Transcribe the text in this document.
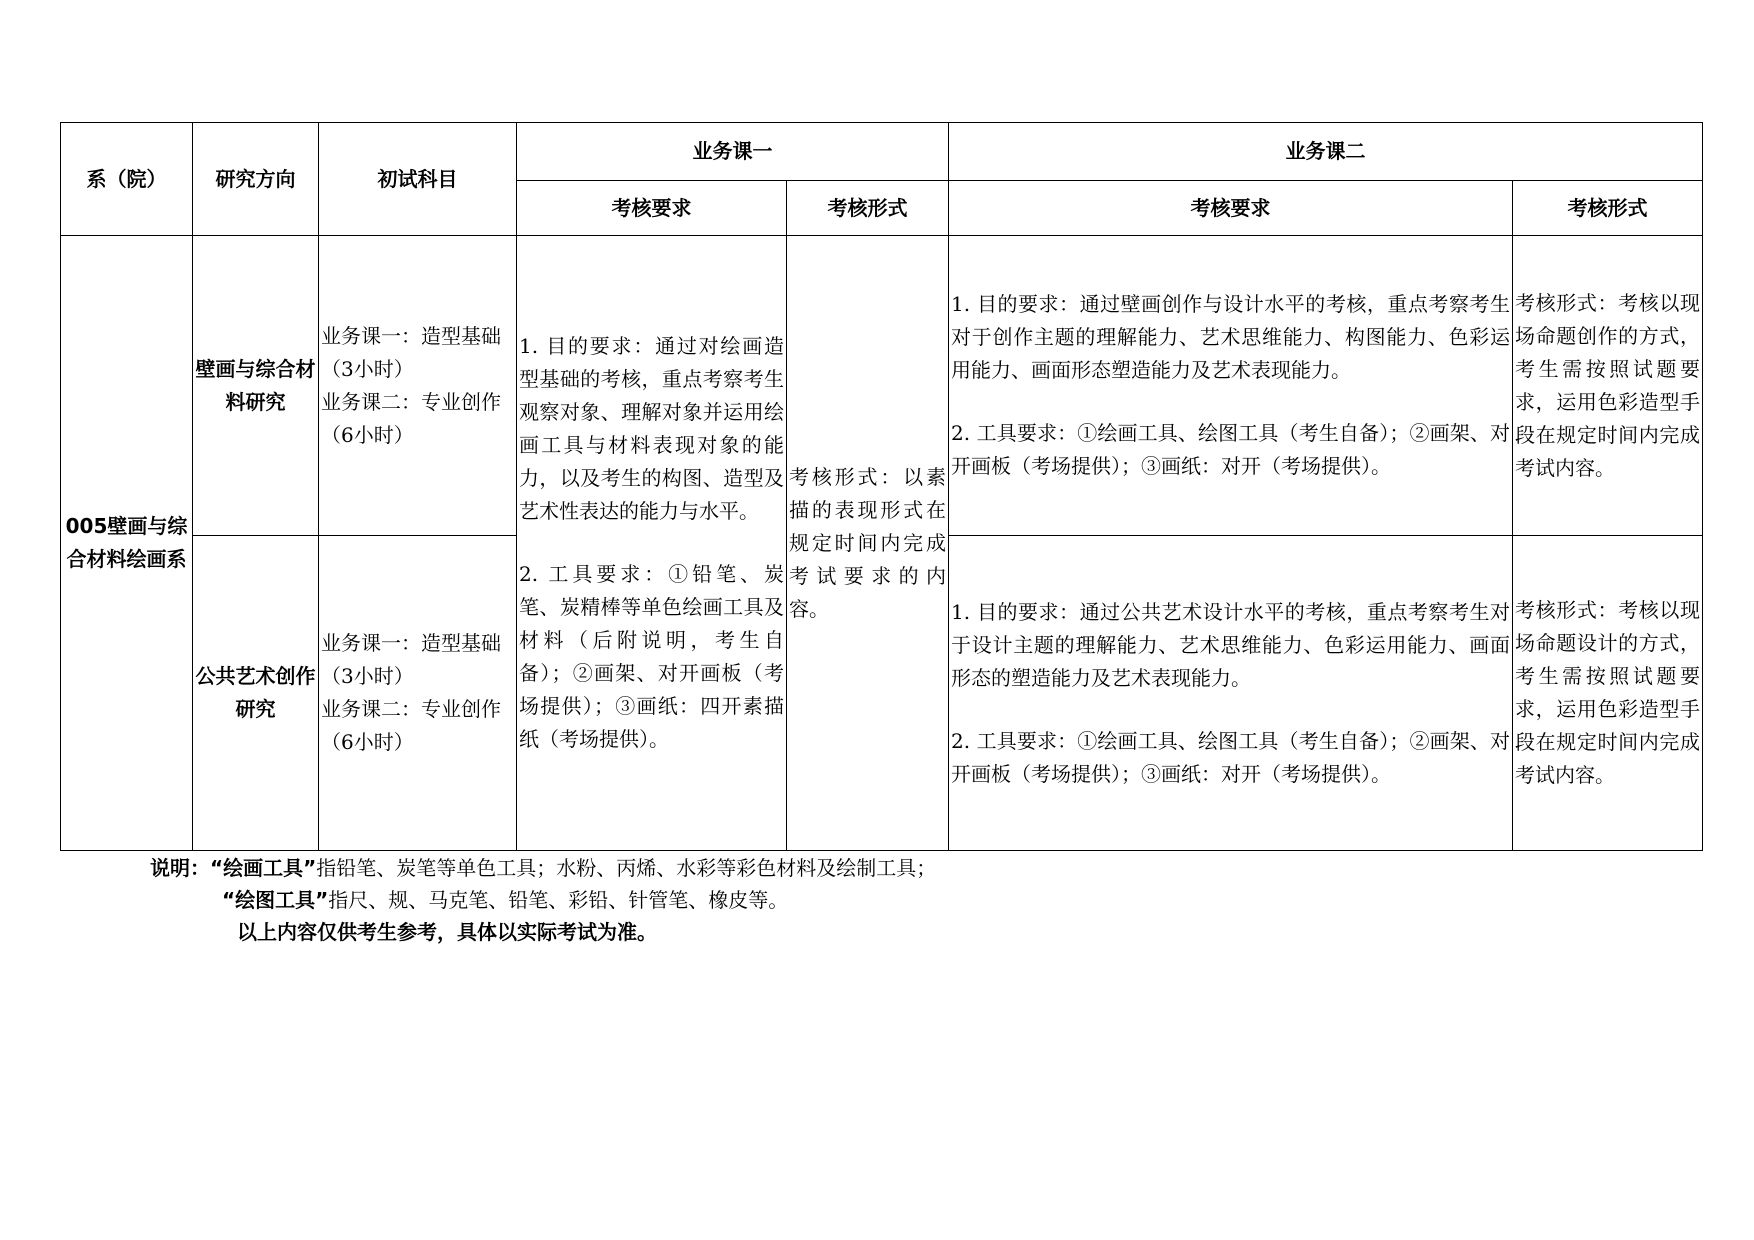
系（院）	研究方向	初试科目	业务课一		业务课二	
			考核要求	考核形式	考核要求	考核形式
005壁画与综合材料绘画系	壁画与综合材料研究	业务课一：造型基础（3小时）
业务课二：专业创作（6小时）	1. 目的要求：通过对绘画造型基础的考核，重点考察考生观察对象、理解对象并运用绘画工具与材料表现对象的能力，以及考生的构图、造型及艺术性表达的能力与水平。
2. 工具要求：①铅笔、炭笔、炭精棒等单色绘画工具及材料（后附说明，考生自备）；②画架、对开画板（考场提供）；③画纸：四开素描纸（考场提供）。	考核形式：以素描的表现形式在规定时间内完成考试要求的内容。	1. 目的要求：通过壁画创作与设计水平的考核，重点考察考生对于创作主题的理解能力、艺术思维能力、构图能力、色彩运用能力、画面形态塑造能力及艺术表现能力。
2. 工具要求：①绘画工具、绘图工具（考生自备）；②画架、对开画板（考场提供）；③画纸：对开（考场提供）。	考核形式：考核以现场命题创作的方式，考生需按照试题要求，运用色彩造型手段在规定时间内完成考试内容。
	公共艺术创作研究	业务课一：造型基础（3小时）
业务课二：专业创作（6小时）			1. 目的要求：通过公共艺术设计水平的考核，重点考察考生对于设计主题的理解能力、艺术思维能力、色彩运用能力、画面形态的塑造能力及艺术表现能力。
2. 工具要求：①绘画工具、绘图工具（考生自备）；②画架、对开画板（考场提供）；③画纸：对开（考场提供）。	考核形式：考核以现场命题设计的方式，考生需按照试题要求，运用色彩造型手段在规定时间内完成考试内容。
说明：“绘画工具”指铅笔、炭笔等单色工具；水粉、丙烯、水彩等彩色材料及绘制工具；
“绘图工具”指尺、规、马克笔、铅笔、彩铅、针管笔、橡皮等。
以上内容仅供考生参考，具体以实际考试为准。
